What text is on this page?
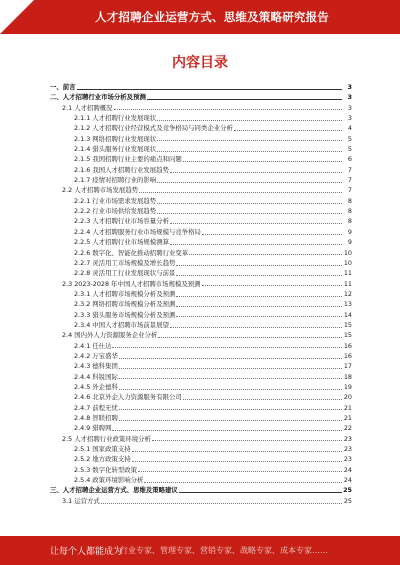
人才招聘企业运营方式、思维及策略研究报告
内容目录
一、前言	3
二、人才招聘行业市场分析及预测	3
2.1 人才招聘概况	3
2.1.1 人才招聘行业发展现状	3
2.1.2 人才招聘行业经营模式及竞争格局与同类企业分析	4
2.1.3 网络招聘行业发展现状	5
2.1.4 猎头服务行业发展现状	5
2.1.5 我国招聘行业主要的痛点和问题	6
2.1.6 我国人才招聘行业发展趋势	7
2.1.7 疫情对招聘行业的影响	7
2.2 人才招聘市场发展趋势	7
2.2.1 行业市场需求发展趋势	8
2.2.2 行业市场供给发展趋势	8
2.2.3 人才招聘行业市场容量分析	8
2.2.4 人才招聘服务行业市场规模与竞争格局	9
2.2.5 人才招聘行业市场规模测算	9
2.2.6 数字化、智能化推动招聘行业变革	10
2.2.7 灵活用工市场规模及增长趋势	10
2.2.8 灵活用工行业发展现状与前景	11
2.3 2023-2028 年中国人才招聘市场规模及预测	11
2.3.1 人才招聘市场规模分析及预测	12
2.3.2 网络招聘市场规模分析及预测	13
2.3.3 猎头服务市场规模分析及预测	14
2.3.4 中国人才招聘市场前景展望	15
2.4 国内外人力资源服务企业分析	15
2.4.1 任仕达	16
2.4.2 万宝盛华	16
2.4.3 德科集团	17
2.4.4 科锐国际	18
2.4.5 外企德科	19
2.4.6 北京外企人力资源服务有限公司	20
2.4.7 前程无忧	21
2.4.8 智联招聘	21
2.4.9 猎聘网	22
2.5 人才招聘行业政策环境分析	23
2.5.1 国家政策支持	23
2.5.2 地方政策支持	23
2.5.3 数字化转型政策	24
2.5.4 政策环境影响分析	24
三、人才招聘企业运营方式、思维及策略建议	25
3.1 运营方式	25
让每个人都能成为
行业专家、管理专家、营销专家、战略专家、成本专家……
